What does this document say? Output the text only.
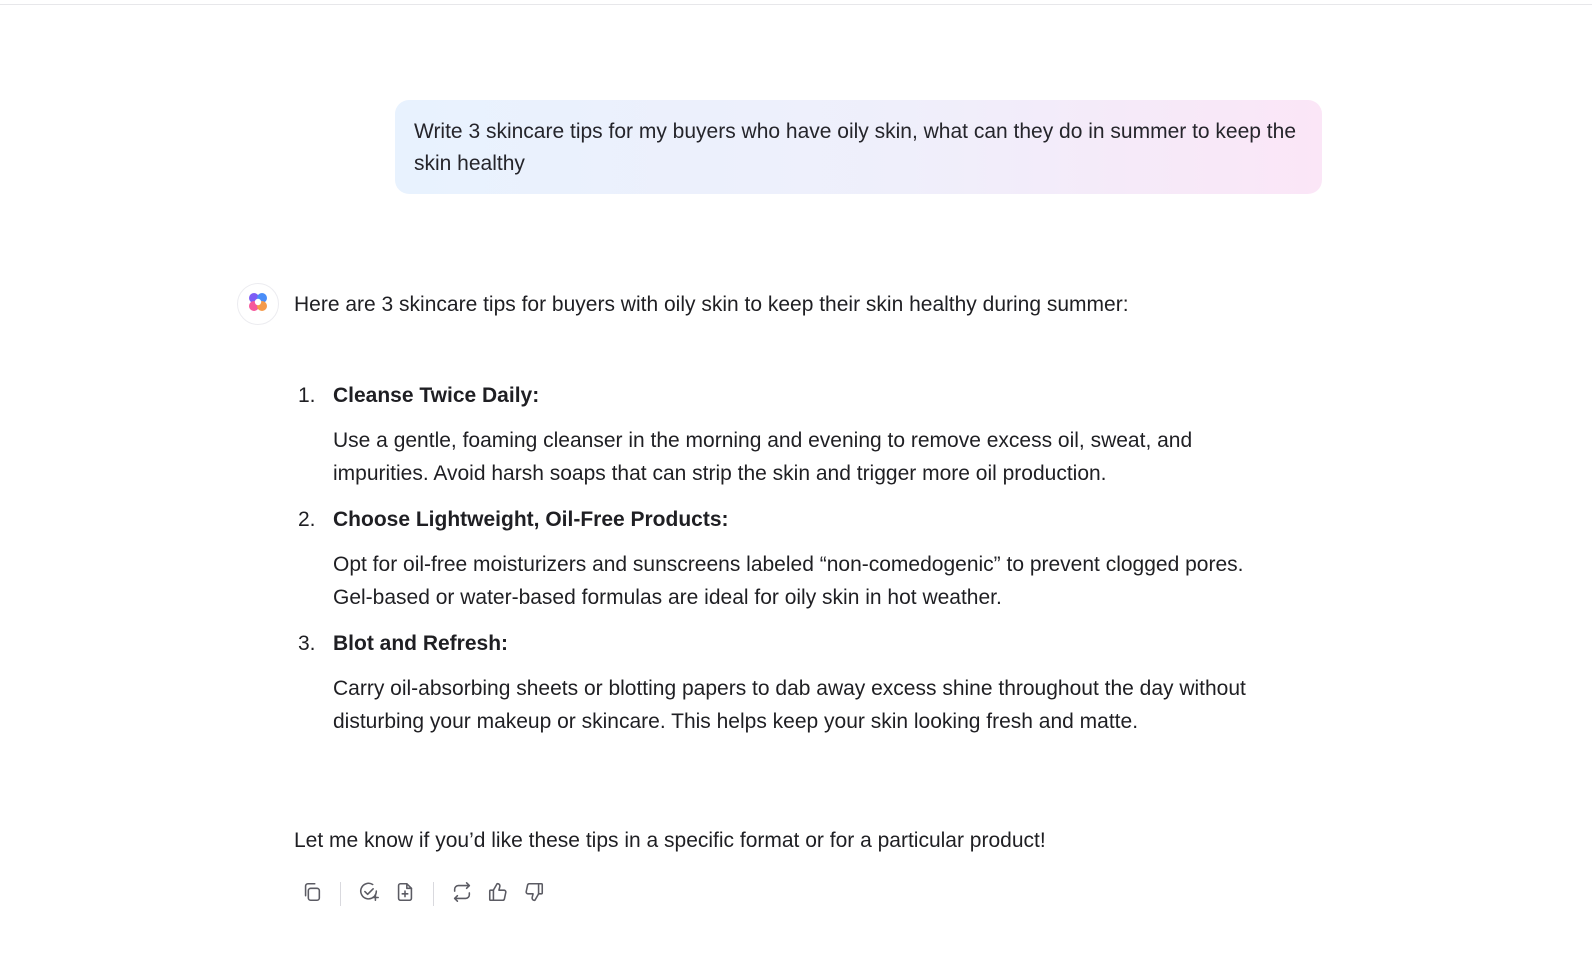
Write 3 skincare tips for my buyers who have oily skin, what can they do in summer to keep the skin healthy
Here are 3 skincare tips for buyers with oily skin to keep their skin healthy during summer:
1. Cleanse Twice Daily:
Use a gentle, foaming cleanser in the morning and evening to remove excess oil, sweat, and impurities. Avoid harsh soaps that can strip the skin and trigger more oil production.
2. Choose Lightweight, Oil-Free Products:
Opt for oil-free moisturizers and sunscreens labeled “non-comedogenic” to prevent clogged pores. Gel-based or water-based formulas are ideal for oily skin in hot weather.
3. Blot and Refresh:
Carry oil-absorbing sheets or blotting papers to dab away excess shine throughout the day without disturbing your makeup or skincare. This helps keep your skin looking fresh and matte.
Let me know if you’d like these tips in a specific format or for a particular product!
